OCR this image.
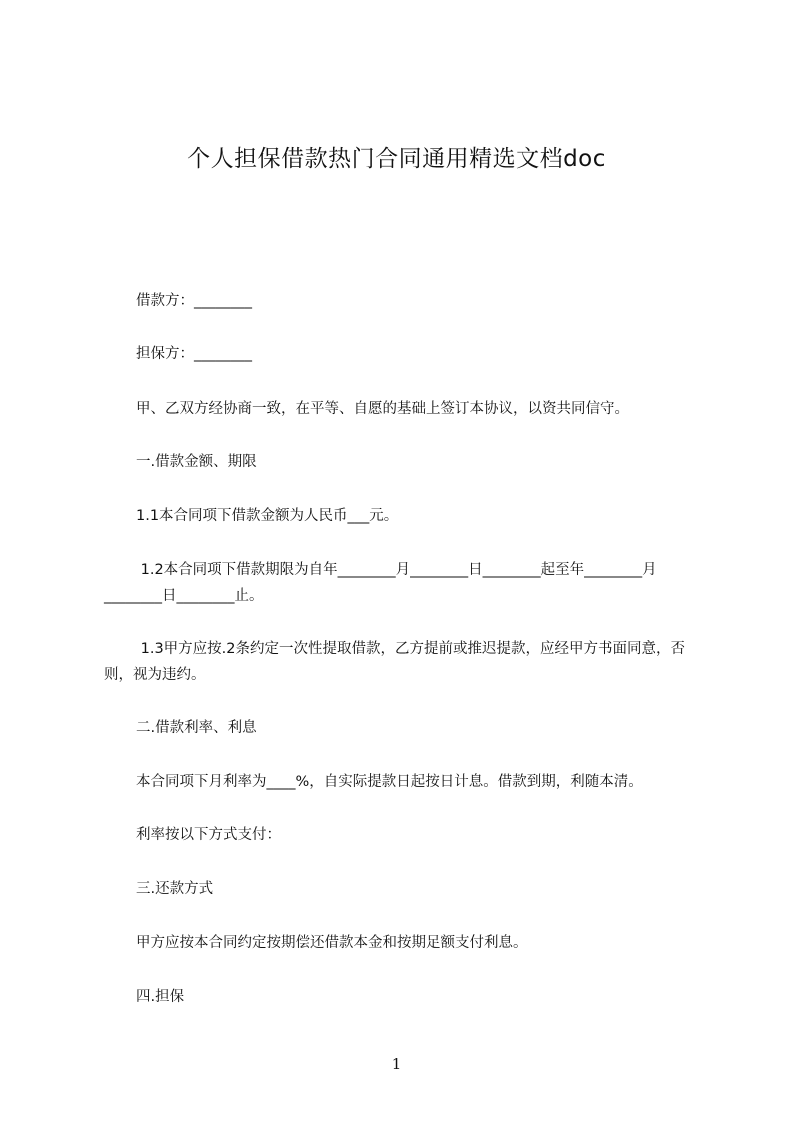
个人担保借款热门合同通用精选文档doc
借款方：________
担保方：________
甲、乙双方经协商一致，在平等、自愿的基础上签订本协议，以资共同信守。
一.借款金额、期限
1.1本合同项下借款金额为人民币___元。
1.2本合同项下借款期限为自年________月________日________起至年________月________日________止。
1.3甲方应按.2条约定一次性提取借款，乙方提前或推迟提款，应经甲方书面同意，否则，视为违约。
二.借款利率、利息
本合同项下月利率为____%，自实际提款日起按日计息。借款到期，利随本清。
利率按以下方式支付：
三.还款方式
甲方应按本合同约定按期偿还借款本金和按期足额支付利息。
四.担保
1
